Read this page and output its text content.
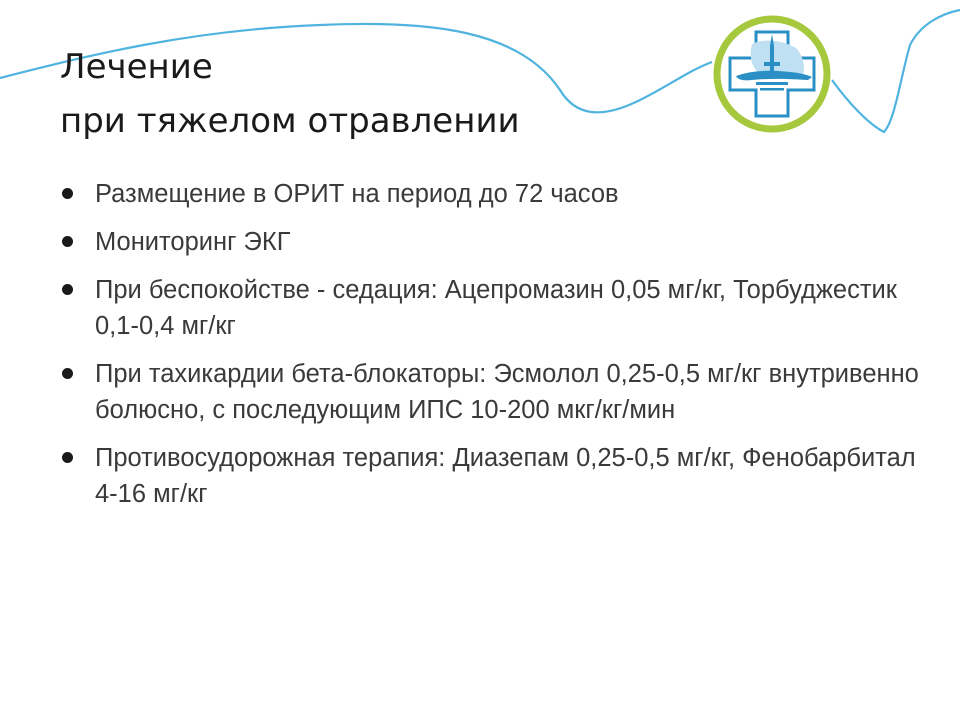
Лечение
при тяжелом отравлении
Размещение в ОРИТ на период до 72 часов
Мониторинг ЭКГ
При беспокойстве - седация: Ацепромазин 0,05 мг/кг, Торбуджестик 0,1-0,4 мг/кг
При тахикардии бета-блокаторы: Эсмолол 0,25-0,5 мг/кг внутривенно болюсно, с последующим ИПС 10-200 мкг/кг/мин
Противосудорожная терапия: Диазепам 0,25-0,5 мг/кг, Фенобарбитал 4-16 мг/кг
